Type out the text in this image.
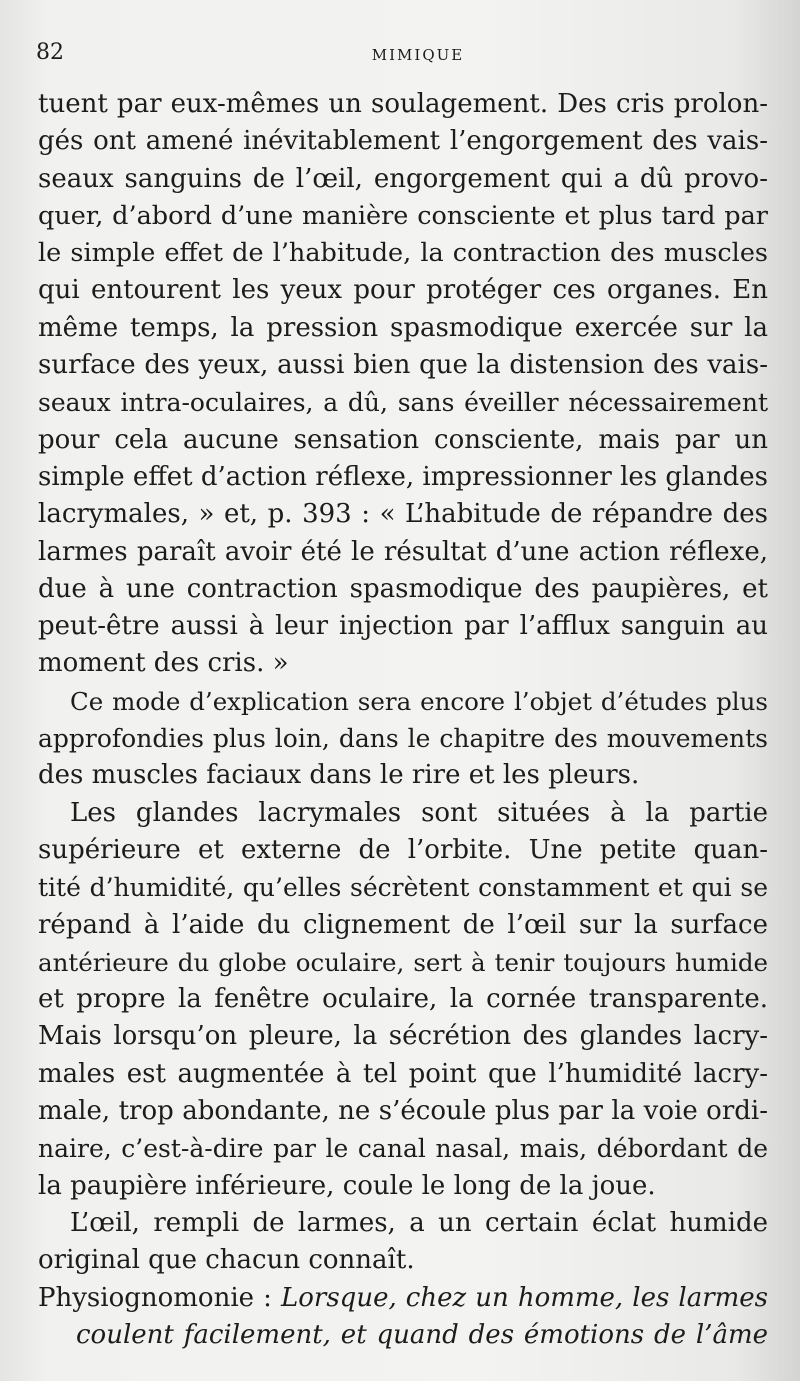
82	MIMIQUE
tuent par eux-mêmes un soulagement. Des cris prolon-
gés ont amené inévitablement l’engorgement des vais-
seaux sanguins de l’œil, engorgement qui a dû provo-
quer, d’abord d’une manière consciente et plus tard par
le simple effet de l’habitude, la contraction des muscles
qui entourent les yeux pour protéger ces organes. En
même temps, la pression spasmodique exercée sur la
surface des yeux, aussi bien que la distension des vais-
seaux intra-oculaires, a dû, sans éveiller nécessairement
pour cela aucune sensation consciente, mais par un
simple effet d’action réflexe, impressionner les glandes
lacrymales, » et, p. 393 : « L’habitude de répandre des
larmes paraît avoir été le résultat d’une action réflexe,
due à une contraction spasmodique des paupières, et
peut-être aussi à leur injection par l’afflux sanguin au
moment des cris. »
Ce mode d’explication sera encore l’objet d’études plus
approfondies plus loin, dans le chapitre des mouvements
des muscles faciaux dans le rire et les pleurs.
Les glandes lacrymales sont situées à la partie
supérieure et externe de l’orbite. Une petite quan-
tité d’humidité, qu’elles sécrètent constamment et qui se
répand à l’aide du clignement de l’œil sur la surface
antérieure du globe oculaire, sert à tenir toujours humide
et propre la fenêtre oculaire, la cornée transparente.
Mais lorsqu’on pleure, la sécrétion des glandes lacry-
males est augmentée à tel point que l’humidité lacry-
male, trop abondante, ne s’écoule plus par la voie ordi-
naire, c’est-à-dire par le canal nasal, mais, débordant de
la paupière inférieure, coule le long de la joue.
L’œil, rempli de larmes, a un certain éclat humide
original que chacun connaît.
Physiognomonie : Lorsque, chez un homme, les larmes
coulent facilement, et quand des émotions de l’âme
